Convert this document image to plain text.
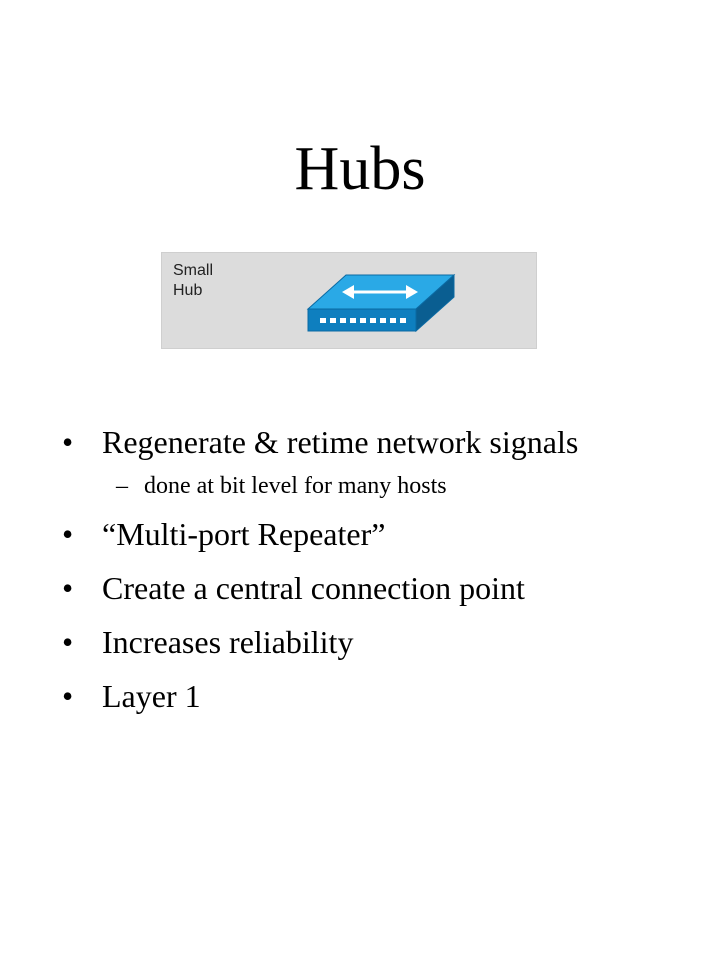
Hubs
Small
Hub
• Regenerate & retime network signals
– done at bit level for many hosts
• “Multi-port Repeater”
• Create a central connection point
• Increases reliability
• Layer 1
